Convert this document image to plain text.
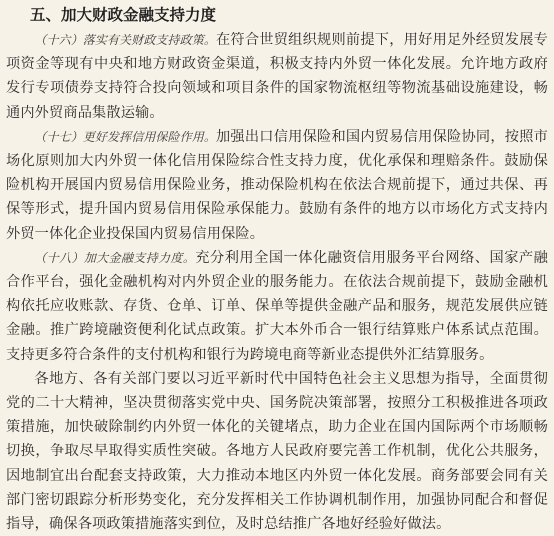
五、加大财政金融支持力度

（十六）落实有关财政支持政策。在符合世贸组织规则前提下，用好用足外经贸发展专项资金等现有中央和地方财政资金渠道，积极支持内外贸一体化发展。允许地方政府发行专项债券支持符合投向领域和项目条件的国家物流枢纽等物流基础设施建设，畅通内外贸商品集散运输。

（十七）更好发挥信用保险作用。加强出口信用保险和国内贸易信用保险协同，按照市场化原则加大内外贸一体化信用保险综合性支持力度，优化承保和理赔条件。鼓励保险机构开展国内贸易信用保险业务，推动保险机构在依法合规前提下，通过共保、再保等形式，提升国内贸易信用保险承保能力。鼓励有条件的地方以市场化方式支持内外贸一体化企业投保国内贸易信用保险。

（十八）加大金融支持力度。充分利用全国一体化融资信用服务平台网络、国家产融合作平台，强化金融机构对内外贸企业的服务能力。在依法合规前提下，鼓励金融机构依托应收账款、存货、仓单、订单、保单等提供金融产品和服务，规范发展供应链金融。推广跨境融资便利化试点政策。扩大本外币合一银行结算账户体系试点范围。支持更多符合条件的支付机构和银行为跨境电商等新业态提供外汇结算服务。

各地方、各有关部门要以习近平新时代中国特色社会主义思想为指导，全面贯彻党的二十大精神，坚决贯彻落实党中央、国务院决策部署，按照分工积极推进各项政策措施，加快破除制约内外贸一体化的关键堵点，助力企业在国内国际两个市场顺畅切换，争取尽早取得实质性突破。各地方人民政府要完善工作机制，优化公共服务，因地制宜出台配套支持政策，大力推动本地区内外贸一体化发展。商务部要会同有关部门密切跟踪分析形势变化，充分发挥相关工作协调机制作用，加强协同配合和督促指导，确保各项政策措施落实到位，及时总结推广各地好经验好做法。
